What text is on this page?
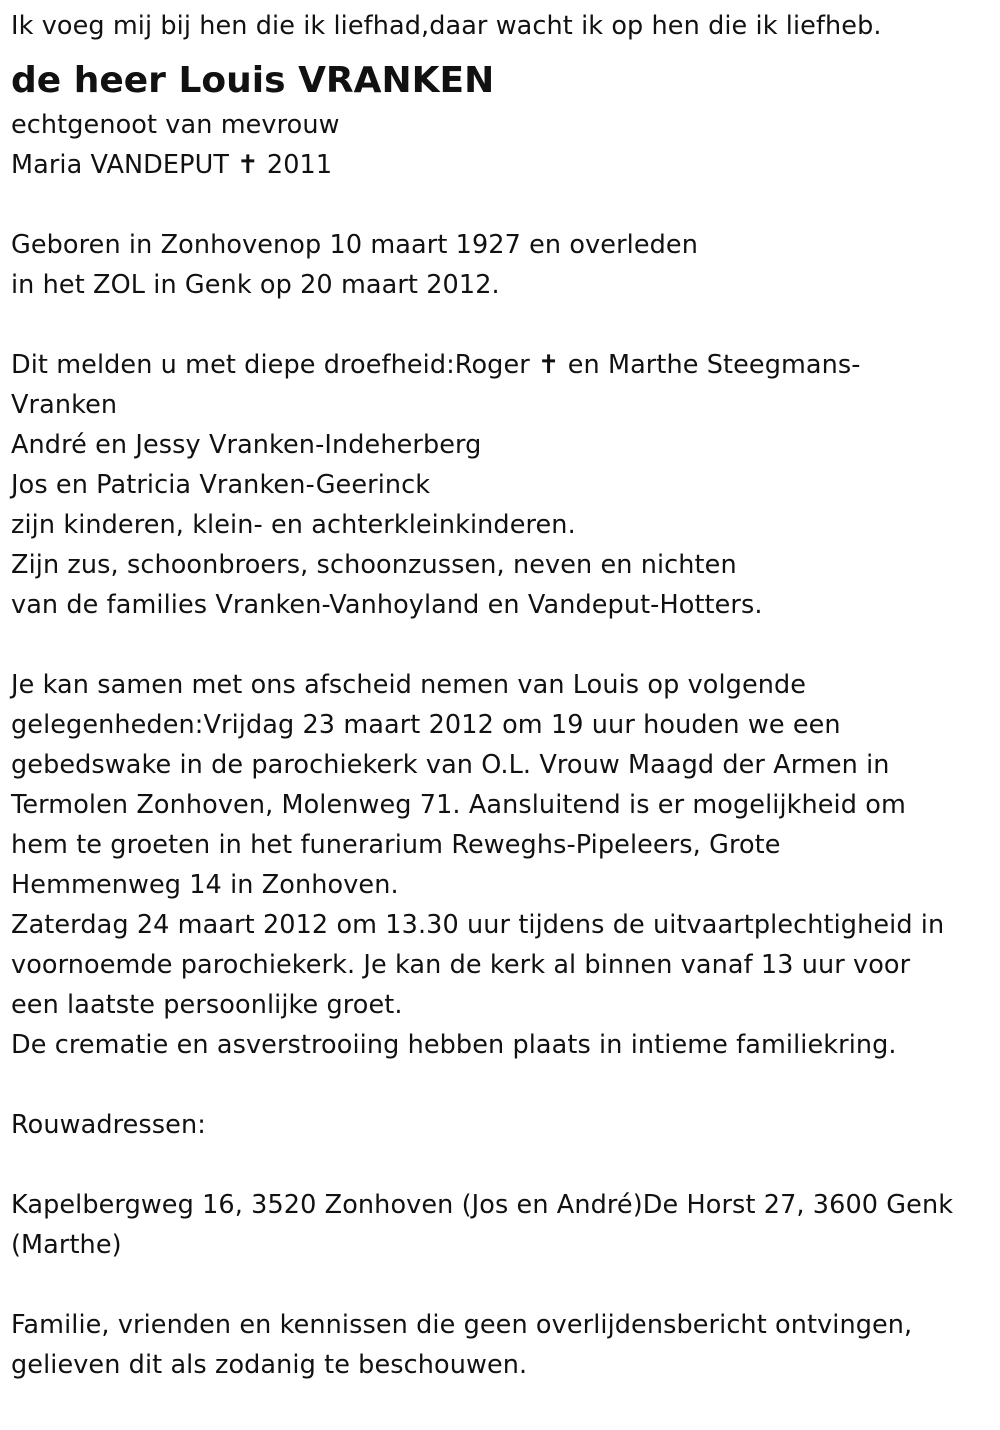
Ik voeg mij bij hen die ik liefhad,daar wacht ik op hen die ik liefheb.
de heer Louis VRANKEN
echtgenoot van mevrouw
Maria VANDEPUT ✝ 2011
Geboren in Zonhovenop 10 maart 1927 en overleden
in het ZOL in Genk op 20 maart 2012.
Dit melden u met diepe droefheid:Roger ✝ en Marthe Steegmans-
Vranken
André en Jessy Vranken-Indeherberg
Jos en Patricia Vranken-Geerinck
zijn kinderen, klein- en achterkleinkinderen.
Zijn zus, schoonbroers, schoonzussen, neven en nichten
van de families Vranken-Vanhoyland en Vandeput-Hotters.
Je kan samen met ons afscheid nemen van Louis op volgende
gelegenheden:Vrijdag 23 maart 2012 om 19 uur houden we een
gebedswake in de parochiekerk van O.L. Vrouw Maagd der Armen in
Termolen Zonhoven, Molenweg 71. Aansluitend is er mogelijkheid om
hem te groeten in het funerarium Reweghs-Pipeleers, Grote
Hemmenweg 14 in Zonhoven.
Zaterdag 24 maart 2012 om 13.30 uur tijdens de uitvaartplechtigheid in
voornoemde parochiekerk. Je kan de kerk al binnen vanaf 13 uur voor
een laatste persoonlijke groet.
De crematie en asverstrooiing hebben plaats in intieme familiekring.
Rouwadressen:
Kapelbergweg 16, 3520 Zonhoven (Jos en André)De Horst 27, 3600 Genk
(Marthe)
Familie, vrienden en kennissen die geen overlijdensbericht ontvingen,
gelieven dit als zodanig te beschouwen.
